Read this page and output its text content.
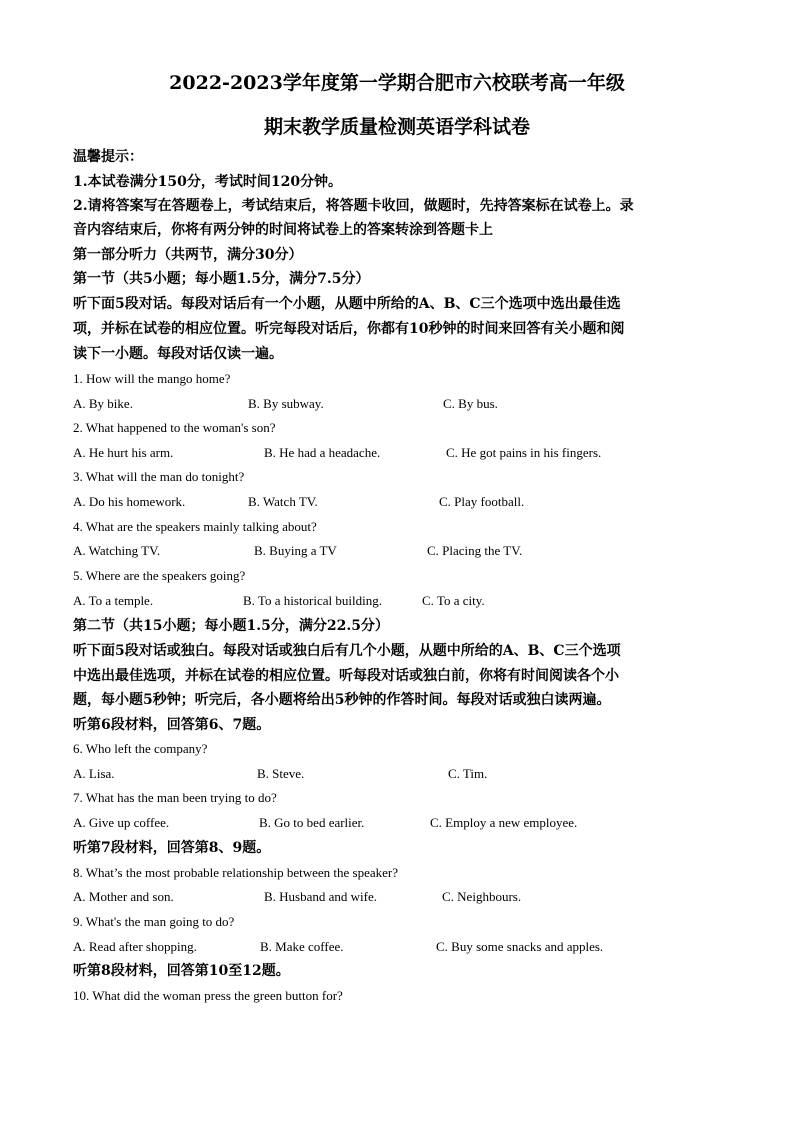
2022-2023学年度第一学期合肥市六校联考高一年级
期末教学质量检测英语学科试卷
温馨提示：
1.本试卷满分150分，考试时间120分钟。
2.请将答案写在答题卷上，考试结束后，将答题卡收回，做题时，先持答案标在试卷上。录
音内容结束后，你将有两分钟的时间将试卷上的答案转涂到答题卡上
第一部分听力（共两节，满分30分）
第一节（共5小题；每小题1.5分，满分7.5分）
听下面5段对话。每段对话后有一个小题，从题中所给的A、B、C三个选项中选出最佳选
项，并标在试卷的相应位置。听完每段对话后，你都有10秒钟的时间来回答有关小题和阅
读下一小题。每段对话仅读一遍。
1. How will the mango home?
A. By bike.	B. By subway.	C. By bus.
2. What happened to the woman's son?
A. He hurt his arm.	B. He had a headache.	C. He got pains in his fingers.
3. What will the man do tonight?
A. Do his homework.	B. Watch TV.	C. Play football.
4. What are the speakers mainly talking about?
A. Watching TV.	B. Buying a TV	C. Placing the TV.
5. Where are the speakers going?
A. To a temple.	B. To a historical building.	C. To a city.
第二节（共15小题；每小题1.5分，满分22.5分）
听下面5段对话或独白。每段对话或独白后有几个小题，从题中所给的A、B、C三个选项
中选出最佳选项，并标在试卷的相应位置。听每段对话或独白前，你将有时间阅读各个小
题，每小题5秒钟；听完后，各小题将给出5秒钟的作答时间。每段对话或独白读两遍。
听第6段材料，回答第6、7题。
6. Who left the company?
A. Lisa.	B. Steve.	C. Tim.
7. What has the man been trying to do?
A. Give up coffee.	B. Go to bed earlier.	C. Employ a new employee.
听第7段材料，回答第8、9题。
8. What’s the most probable relationship between the speaker?
A. Mother and son.	B. Husband and wife.	C. Neighbours.
9. What's the man going to do?
A. Read after shopping.	B. Make coffee.	C. Buy some snacks and apples.
听第8段材料，回答第10至12题。
10. What did the woman press the green button for?
